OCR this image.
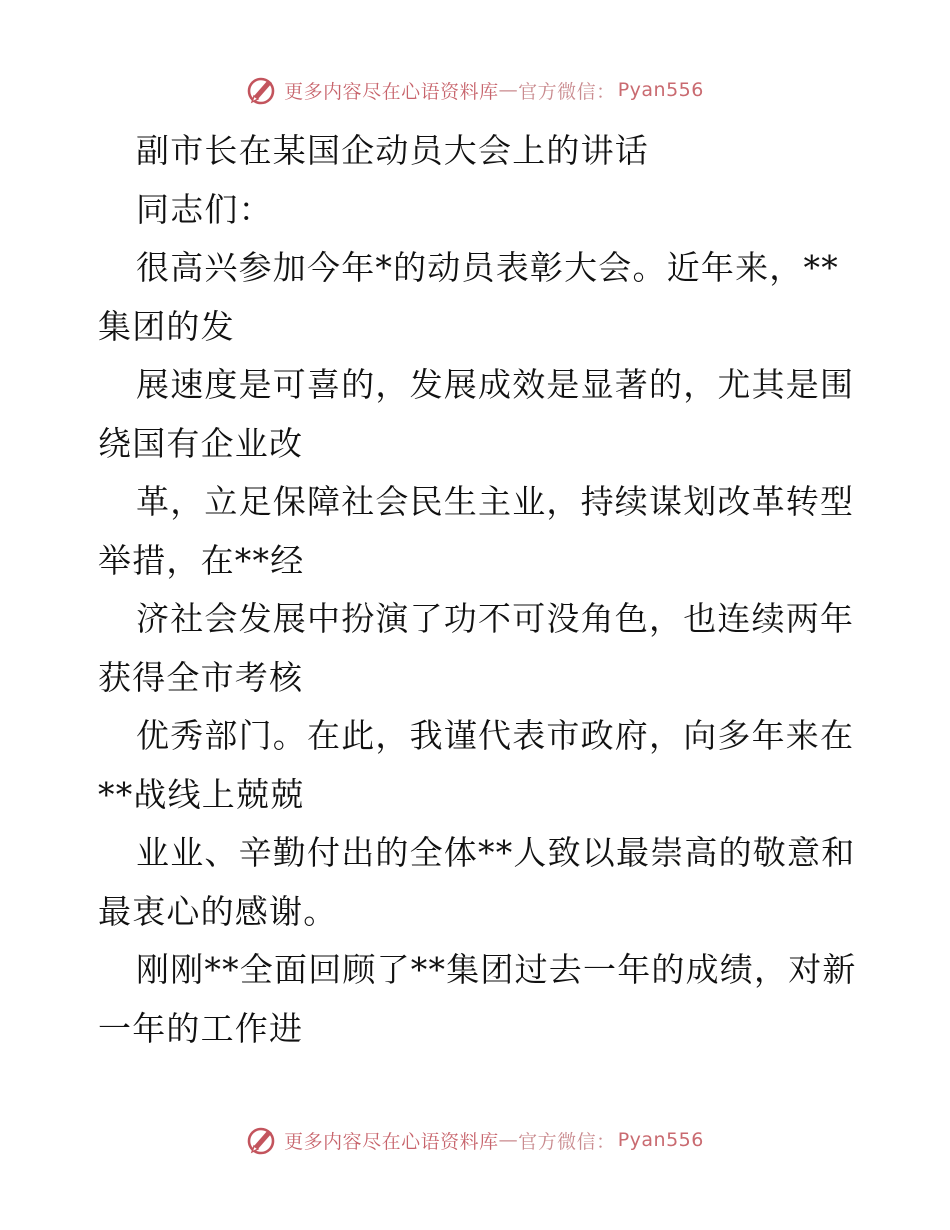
更多内容尽在心语资料库 — 官方微信： Pyan556
副市长在某国企动员大会上的讲话
同志们：
很高兴参加今年*的动员表彰大会。近年来，**
集团的发
展速度是可喜的，发展成效是显著的，尤其是围
绕国有企业改
革，立足保障社会民生主业，持续谋划改革转型
举措，在**经
济社会发展中扮演了功不可没角色，也连续两年
获得全市考核
优秀部门。在此，我谨代表市政府，向多年来在
**战线上兢兢
业业、辛勤付出的全体**人致以最崇高的敬意和
最衷心的感谢。
刚刚**全面回顾了**集团过去一年的成绩，对新
一年的工作进
更多内容尽在心语资料库 — 官方微信： Pyan556
